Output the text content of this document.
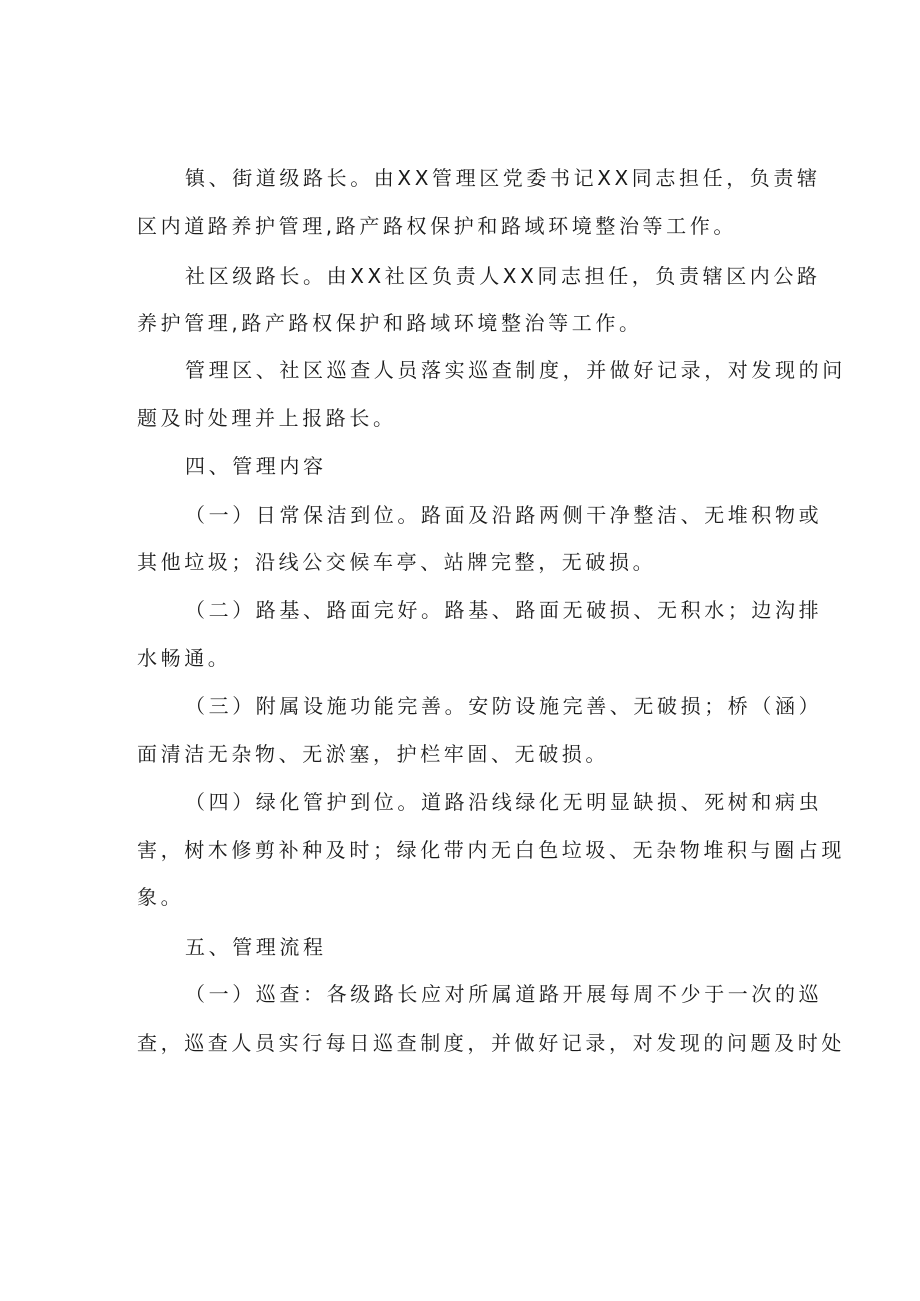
镇、街道级路长。由XX管理区党委书记XX同志担任，负责辖
区内道路养护管理,路产路权保护和路域环境整治等工作。
社区级路长。由XX社区负责人XX同志担任，负责辖区内公路
养护管理,路产路权保护和路域环境整治等工作。
管理区、社区巡查人员落实巡查制度，并做好记录，对发现的问
题及时处理并上报路长。
四、管理内容
（一）日常保洁到位。路面及沿路两侧干净整洁、无堆积物或
其他垃圾；沿线公交候车亭、站牌完整，无破损。
（二）路基、路面完好。路基、路面无破损、无积水；边沟排
水畅通。
（三）附属设施功能完善。安防设施完善、无破损；桥（涵）
面清洁无杂物、无淤塞，护栏牢固、无破损。
（四）绿化管护到位。道路沿线绿化无明显缺损、死树和病虫
害，树木修剪补种及时；绿化带内无白色垃圾、无杂物堆积与圈占现
象。
五、管理流程
（一）巡查：各级路长应对所属道路开展每周不少于一次的巡
查，巡查人员实行每日巡查制度，并做好记录，对发现的问题及时处
